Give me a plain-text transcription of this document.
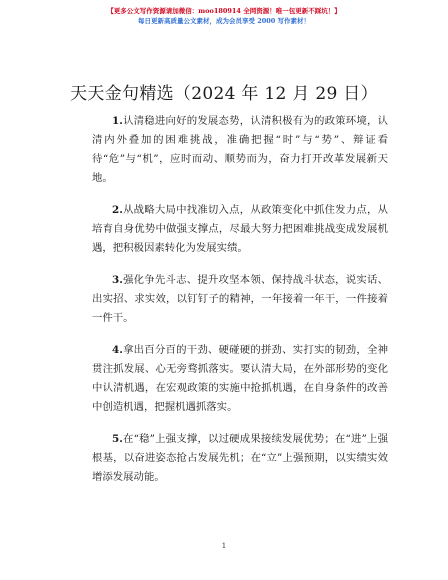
【更多公文写作资源请加微信：moo180914 全网资源！唯一包更新不踩坑！】
每日更新高质量公文素材，成为会员享受 2000 写作素材！
天天金句精选（2024 年 12 月 29 日）

1.认清稳进向好的发展态势，认清积极有为的政策环境，认清内外叠加的困难挑战，准确把握“时”与“势”、辩证看待“危”与“机”，应时而动、顺势而为，奋力打开改革发展新天地。

2.从战略大局中找准切入点，从政策变化中抓住发力点，从培育自身优势中做强支撑点，尽最大努力把困难挑战变成发展机遇，把积极因素转化为发展实绩。

3.强化争先斗志、提升攻坚本领、保持战斗状态，说实话、出实招、求实效，以钉钉子的精神，一年接着一年干，一件接着一件干。

4.拿出百分百的干劲、硬碰硬的拼劲、实打实的韧劲，全神贯注抓发展、心无旁骛抓落实。要认清大局，在外部形势的变化中认清机遇，在宏观政策的实施中抢抓机遇，在自身条件的改善中创造机遇，把握机遇抓落实。

5.在“稳”上强支撑，以过硬成果接续发展优势；在“进”上强根基，以奋进姿态抢占发展先机；在“立”上强预期，以实绩实效增添发展动能。

1
